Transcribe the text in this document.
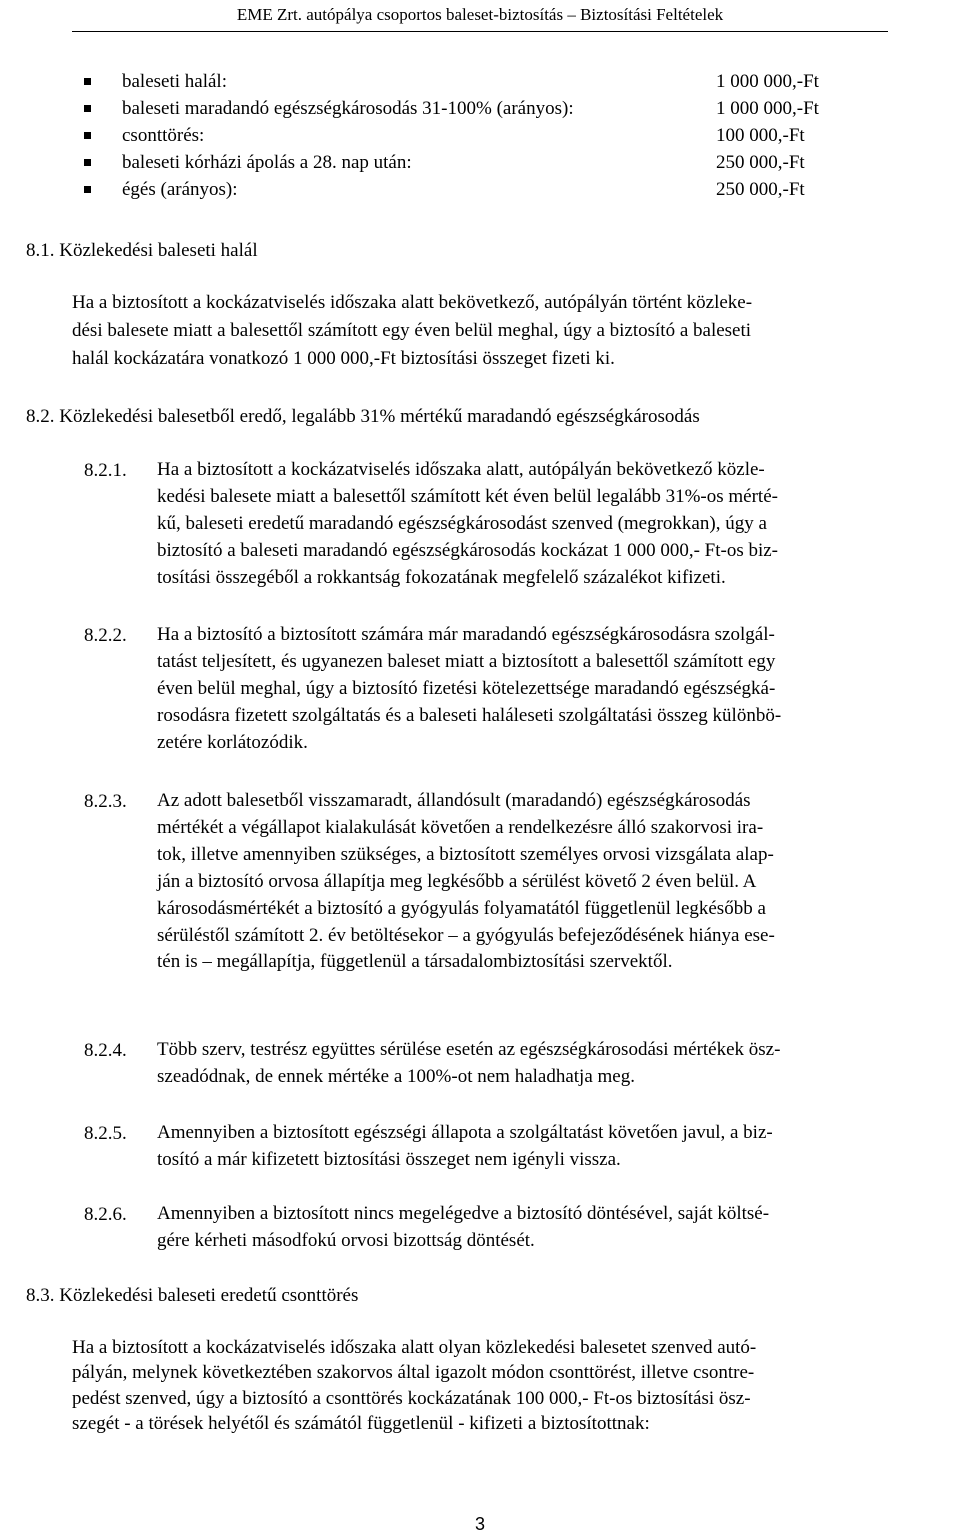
EME Zrt. autópálya csoportos baleset-biztosítás – Biztosítási Feltételek
baleseti halál:	1 000 000,-Ft
baleseti maradandó egészségkárosodás 31-100% (arányos):	1 000 000,-Ft
csonttörés:	100 000,-Ft
baleseti kórházi ápolás a 28. nap után:	250 000,-Ft
égés (arányos):	250 000,-Ft
8.1. Közlekedési baleseti halál
Ha a biztosított a kockázatviselés időszaka alatt bekövetkező, autópályán történt közleke-
dési balesete miatt a balesettől számított egy éven belül meghal, úgy a biztosító a baleseti
halál kockázatára vonatkozó 1 000 000,-Ft biztosítási összeget fizeti ki.
8.2. Közlekedési balesetből eredő, legalább 31% mértékű maradandó egészségkárosodás
8.2.1. Ha a biztosított a kockázatviselés időszaka alatt, autópályán bekövetkező közle-
kedési balesete miatt a balesettől számított két éven belül legalább 31%-os mérté-
kű, baleseti eredetű maradandó egészségkárosodást szenved (megrokkan), úgy a
biztosító a baleseti maradandó egészségkárosodás kockázat 1 000 000,- Ft-os biz-
tosítási összegéből a rokkantság fokozatának megfelelő százalékot kifizeti.
8.2.2. Ha a biztosító a biztosított számára már maradandó egészségkárosodásra szolgál-
tatást teljesített, és ugyanezen baleset miatt a biztosított a balesettől számított egy
éven belül meghal, úgy a biztosító fizetési kötelezettsége maradandó egészségká-
rosodásra fizetett szolgáltatás és a baleseti haláleseti szolgáltatási összeg különbö-
zetére korlátozódik.
8.2.3. Az adott balesetből visszamaradt, állandósult (maradandó) egészségkárosodás
mértékét a végállapot kialakulását követően a rendelkezésre álló szakorvosi ira-
tok, illetve amennyiben szükséges, a biztosított személyes orvosi vizsgálata alap-
ján a biztosító orvosa állapítja meg legkésőbb a sérülést követő 2 éven belül. A
károsodásmértékét a biztosító a gyógyulás folyamatától függetlenül legkésőbb a
sérüléstől számított 2. év betöltésekor – a gyógyulás befejeződésének hiánya ese-
tén is – megállapítja, függetlenül a társadalombiztosítási szervektől.
8.2.4. Több szerv, testrész együttes sérülése esetén az egészségkárosodási mértékek ösz-
szeadódnak, de ennek mértéke a 100%-ot nem haladhatja meg.
8.2.5. Amennyiben a biztosított egészségi állapota a szolgáltatást követően javul, a biz-
tosító a már kifizetett biztosítási összeget nem igényli vissza.
8.2.6. Amennyiben a biztosított nincs megelégedve a biztosító döntésével, saját költsé-
gére kérheti másodfokú orvosi bizottság döntését.
8.3. Közlekedési baleseti eredetű csonttörés
Ha a biztosított a kockázatviselés időszaka alatt olyan közlekedési balesetet szenved autó-
pályán, melynek következtében szakorvos által igazolt módon csonttörést, illetve csontre-
pedést szenved, úgy a biztosító a csonttörés kockázatának 100 000,- Ft-os biztosítási ösz-
szegét - a törések helyétől és számától függetlenül - kifizeti a biztosítottnak:
3
